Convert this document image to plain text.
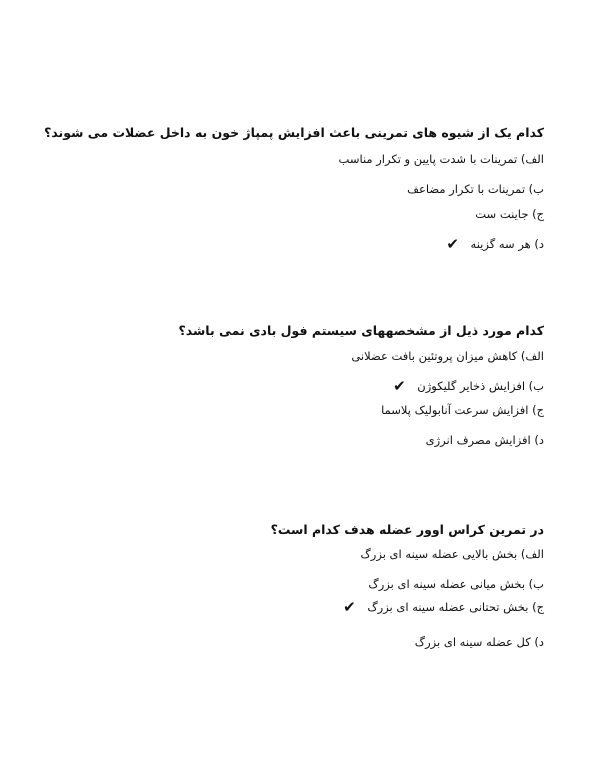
کدام یک از شیوه های تمرینی باعث افزایش پمپاژ خون به داخل عضلات می شوند؟

الف) تمرینات با شدت پایین و تکرار مناسب
ب) تمرینات با تکرار مضاعف
ج) جاینت ست
د) هر سه گزینه ✔

کدام مورد ذیل از مشخصههای سیستم فول بادی نمی باشد؟

الف) کاهش میزان پروتئین بافت عضلانی
ب) افزایش ذخایر گلیکوژن ✔
ج) افزایش سرعت آنابولیک پلاسما
د) افزایش مصرف انرژی

در تمرین کراس اوور عضله هدف کدام است؟

الف) بخش بالایی عضله سینه ای بزرگ
ب) بخش میانی عضله سینه ای بزرگ
ج) بخش تحتانی عضله سینه ای بزرگ ✔
د) کل عضله سینه ای بزرگ
